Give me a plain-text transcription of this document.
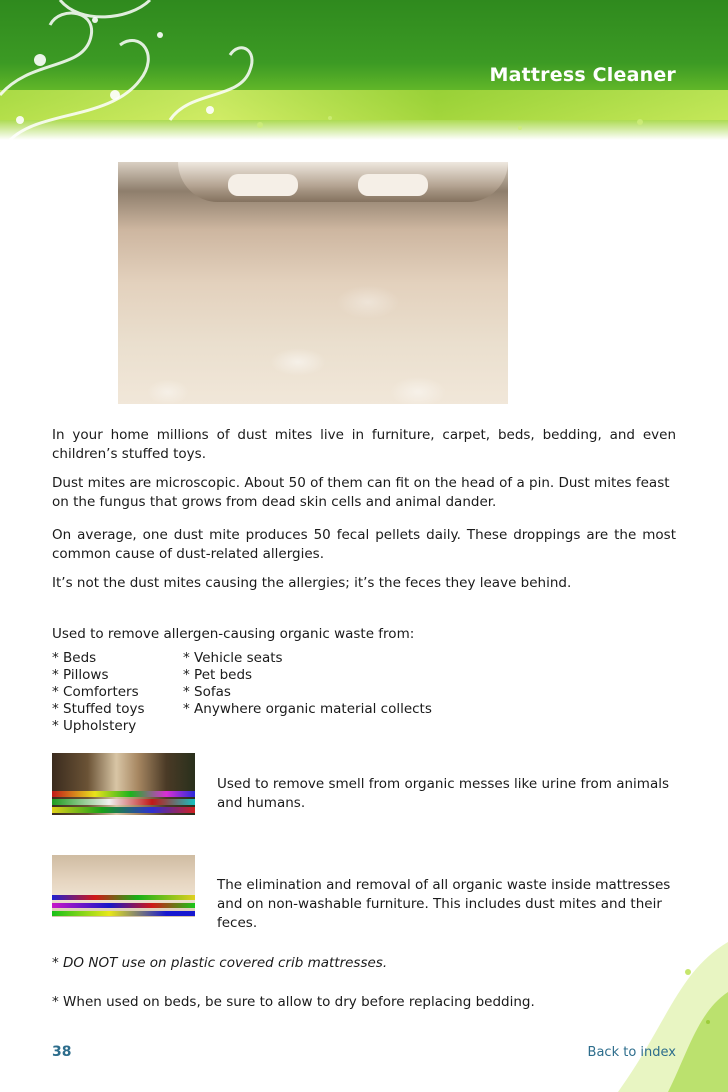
Mattress Cleaner
In your home millions of dust mites live in furniture, carpet, beds, bedding, and even children’s stuffed toys.
Dust mites are microscopic. About 50 of them can fit on the head of a pin. Dust mites feast on the fungus that grows from dead skin cells and animal dander.
On average, one dust mite produces 50 fecal pellets daily. These droppings are the most common cause of dust-related allergies.
It’s not the dust mites causing the allergies; it’s the feces they leave behind.
Used to remove allergen-causing organic waste from:
* Beds
* Pillows
* Comforters
* Stuffed toys
* Upholstery
* Vehicle seats
* Pet beds
* Sofas
* Anywhere organic material collects
Used to remove smell from organic messes like urine from animals and humans.
The elimination and removal of all organic waste inside mattresses and on non-washable furniture. This includes dust mites and their feces.
* DO NOT use on plastic covered crib mattresses.
* When used on beds, be sure to allow to dry before replacing bedding.
38	Back to index
